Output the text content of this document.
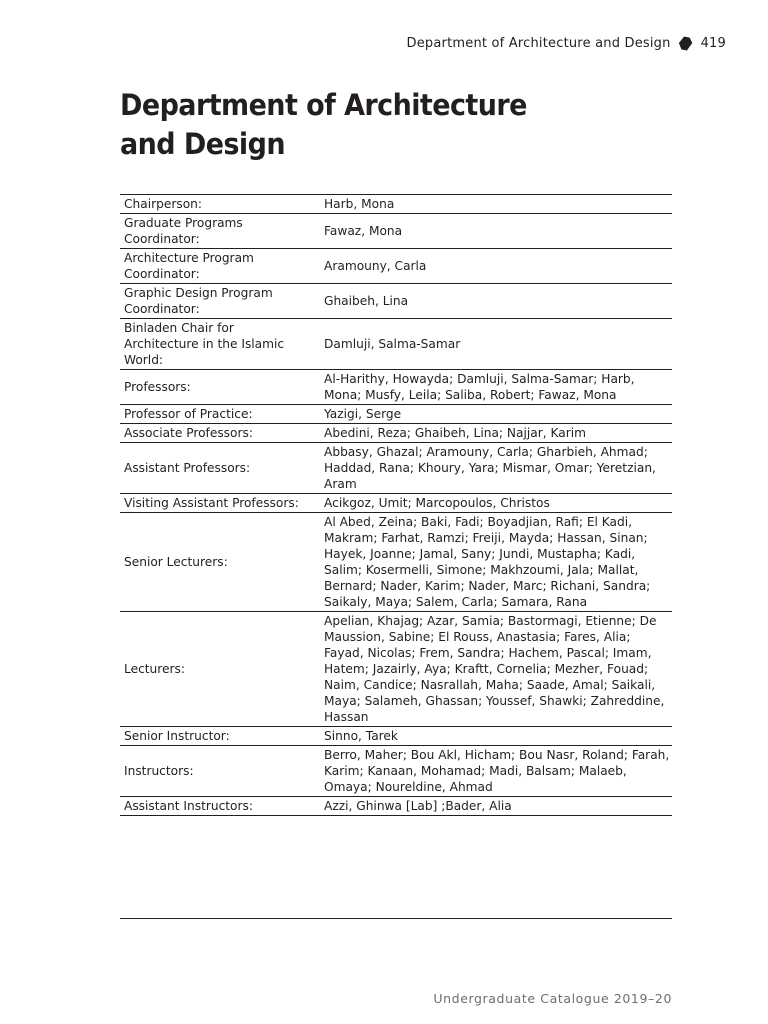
Department of Architecture and Design 419
Department of Architecture
and Design
Chairperson:	Harb, Mona
Graduate Programs Coordinator:	Fawaz, Mona
Architecture Program Coordinator:	Aramouny, Carla
Graphic Design Program Coordinator:	Ghaibeh, Lina
Binladen Chair for Architecture in the Islamic World:	Damluji, Salma-Samar
Professors:	Al-Harithy, Howayda; Damluji, Salma-Samar; Harb, Mona; Musfy, Leila; Saliba, Robert; Fawaz, Mona
Professor of Practice:	Yazigi, Serge
Associate Professors:	Abedini, Reza; Ghaibeh, Lina; Najjar, Karim
Assistant Professors:	Abbasy, Ghazal; Aramouny, Carla; Gharbieh, Ahmad; Haddad, Rana; Khoury, Yara; Mismar, Omar; Yeretzian, Aram
Visiting Assistant Professors:	Acikgoz, Umit; Marcopoulos, Christos
Senior Lecturers:	Al Abed, Zeina; Baki, Fadi; Boyadjian, Rafi; El Kadi, Makram; Farhat, Ramzi; Freiji, Mayda; Hassan, Sinan; Hayek, Joanne; Jamal, Sany; Jundi, Mustapha; Kadi, Salim; Kosermelli, Simone; Makhzoumi, Jala; Mallat, Bernard; Nader, Karim; Nader, Marc; Richani, Sandra; Saikaly, Maya; Salem, Carla; Samara, Rana
Lecturers:	Apelian, Khajag; Azar, Samia; Bastormagi, Etienne; De Maussion, Sabine; El Rouss, Anastasia; Fares, Alia; Fayad, Nicolas; Frem, Sandra; Hachem, Pascal; Imam, Hatem; Jazairly, Aya; Kraftt, Cornelia; Mezher, Fouad; Naim, Candice; Nasrallah, Maha; Saade, Amal; Saikali, Maya; Salameh, Ghassan; Youssef, Shawki; Zahreddine, Hassan
Senior Instructor:	Sinno, Tarek
Instructors:	Berro, Maher; Bou Akl, Hicham; Bou Nasr, Roland; Farah, Karim; Kanaan, Mohamad; Madi, Balsam; Malaeb, Omaya; Noureldine, Ahmad
Assistant Instructors:	Azzi, Ghinwa [Lab] ;Bader, Alia
Undergraduate Catalogue 2019–20
